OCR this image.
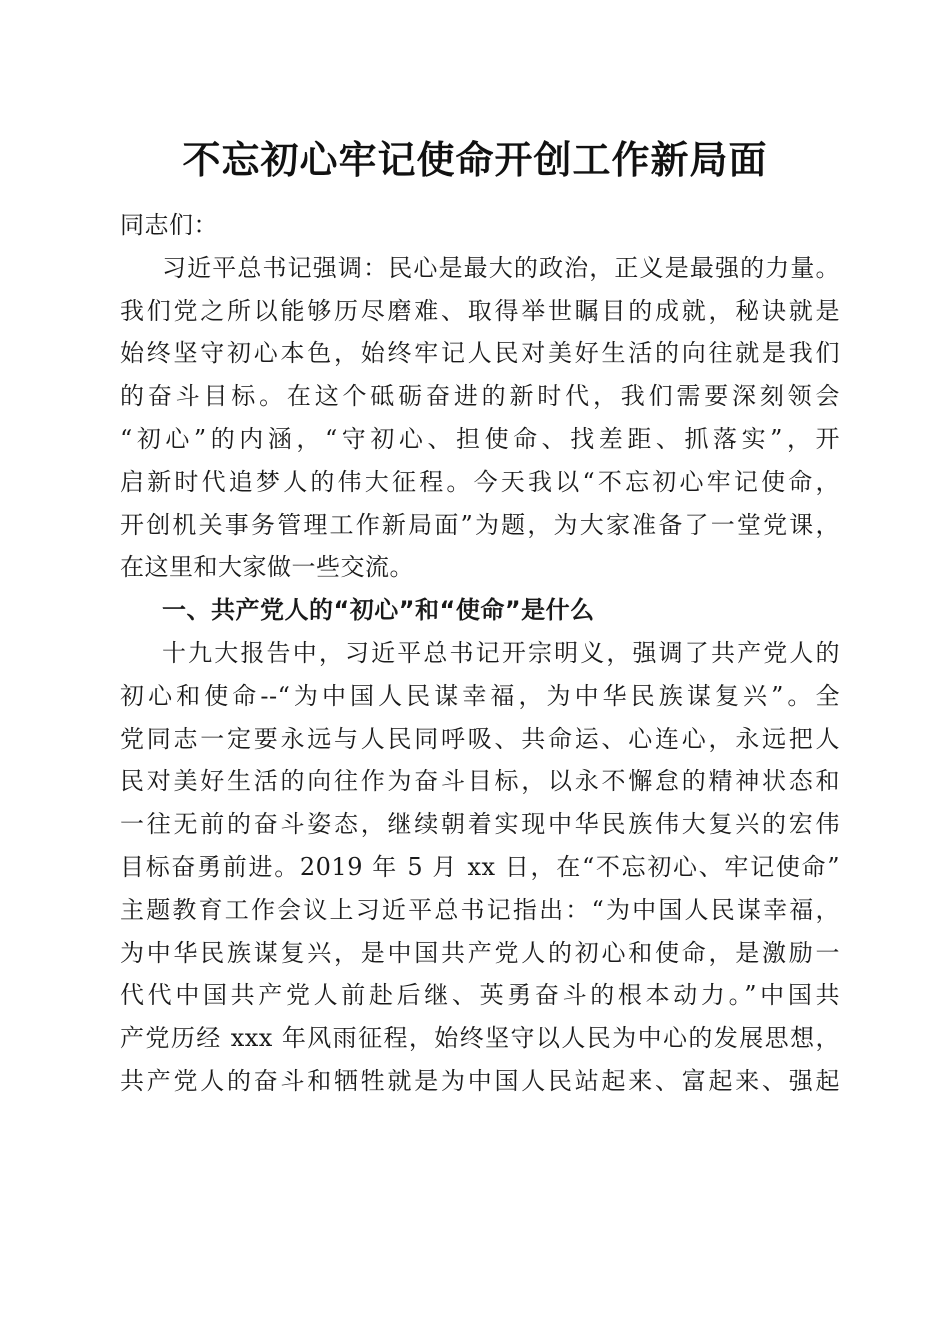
不忘初心牢记使命开创工作新局面
同志们：
习近平总书记强调：民心是最大的政治，正义是最强的力量。
我们党之所以能够历尽磨难、取得举世瞩目的成就，秘诀就是
始终坚守初心本色，始终牢记人民对美好生活的向往就是我们
的奋斗目标。在这个砥砺奋进的新时代，我们需要深刻领会
“初心”的内涵，“守初心、担使命、找差距、抓落实”，开
启新时代追梦人的伟大征程。今天我以“不忘初心牢记使命，
开创机关事务管理工作新局面”为题，为大家准备了一堂党课，
在这里和大家做一些交流。
一、共产党人的“初心”和“使命”是什么
十九大报告中，习近平总书记开宗明义，强调了共产党人的
初心和使命--“为中国人民谋幸福，为中华民族谋复兴”。全
党同志一定要永远与人民同呼吸、共命运、心连心，永远把人
民对美好生活的向往作为奋斗目标，以永不懈怠的精神状态和
一往无前的奋斗姿态，继续朝着实现中华民族伟大复兴的宏伟
目标奋勇前进。2019 年 5 月 xx 日，在“不忘初心、牢记使命”
主题教育工作会议上习近平总书记指出：“为中国人民谋幸福，
为中华民族谋复兴，是中国共产党人的初心和使命，是激励一
代代中国共产党人前赴后继、英勇奋斗的根本动力。”中国共
产党历经 xxx 年风雨征程，始终坚守以人民为中心的发展思想，
共产党人的奋斗和牺牲就是为中国人民站起来、富起来、强起
